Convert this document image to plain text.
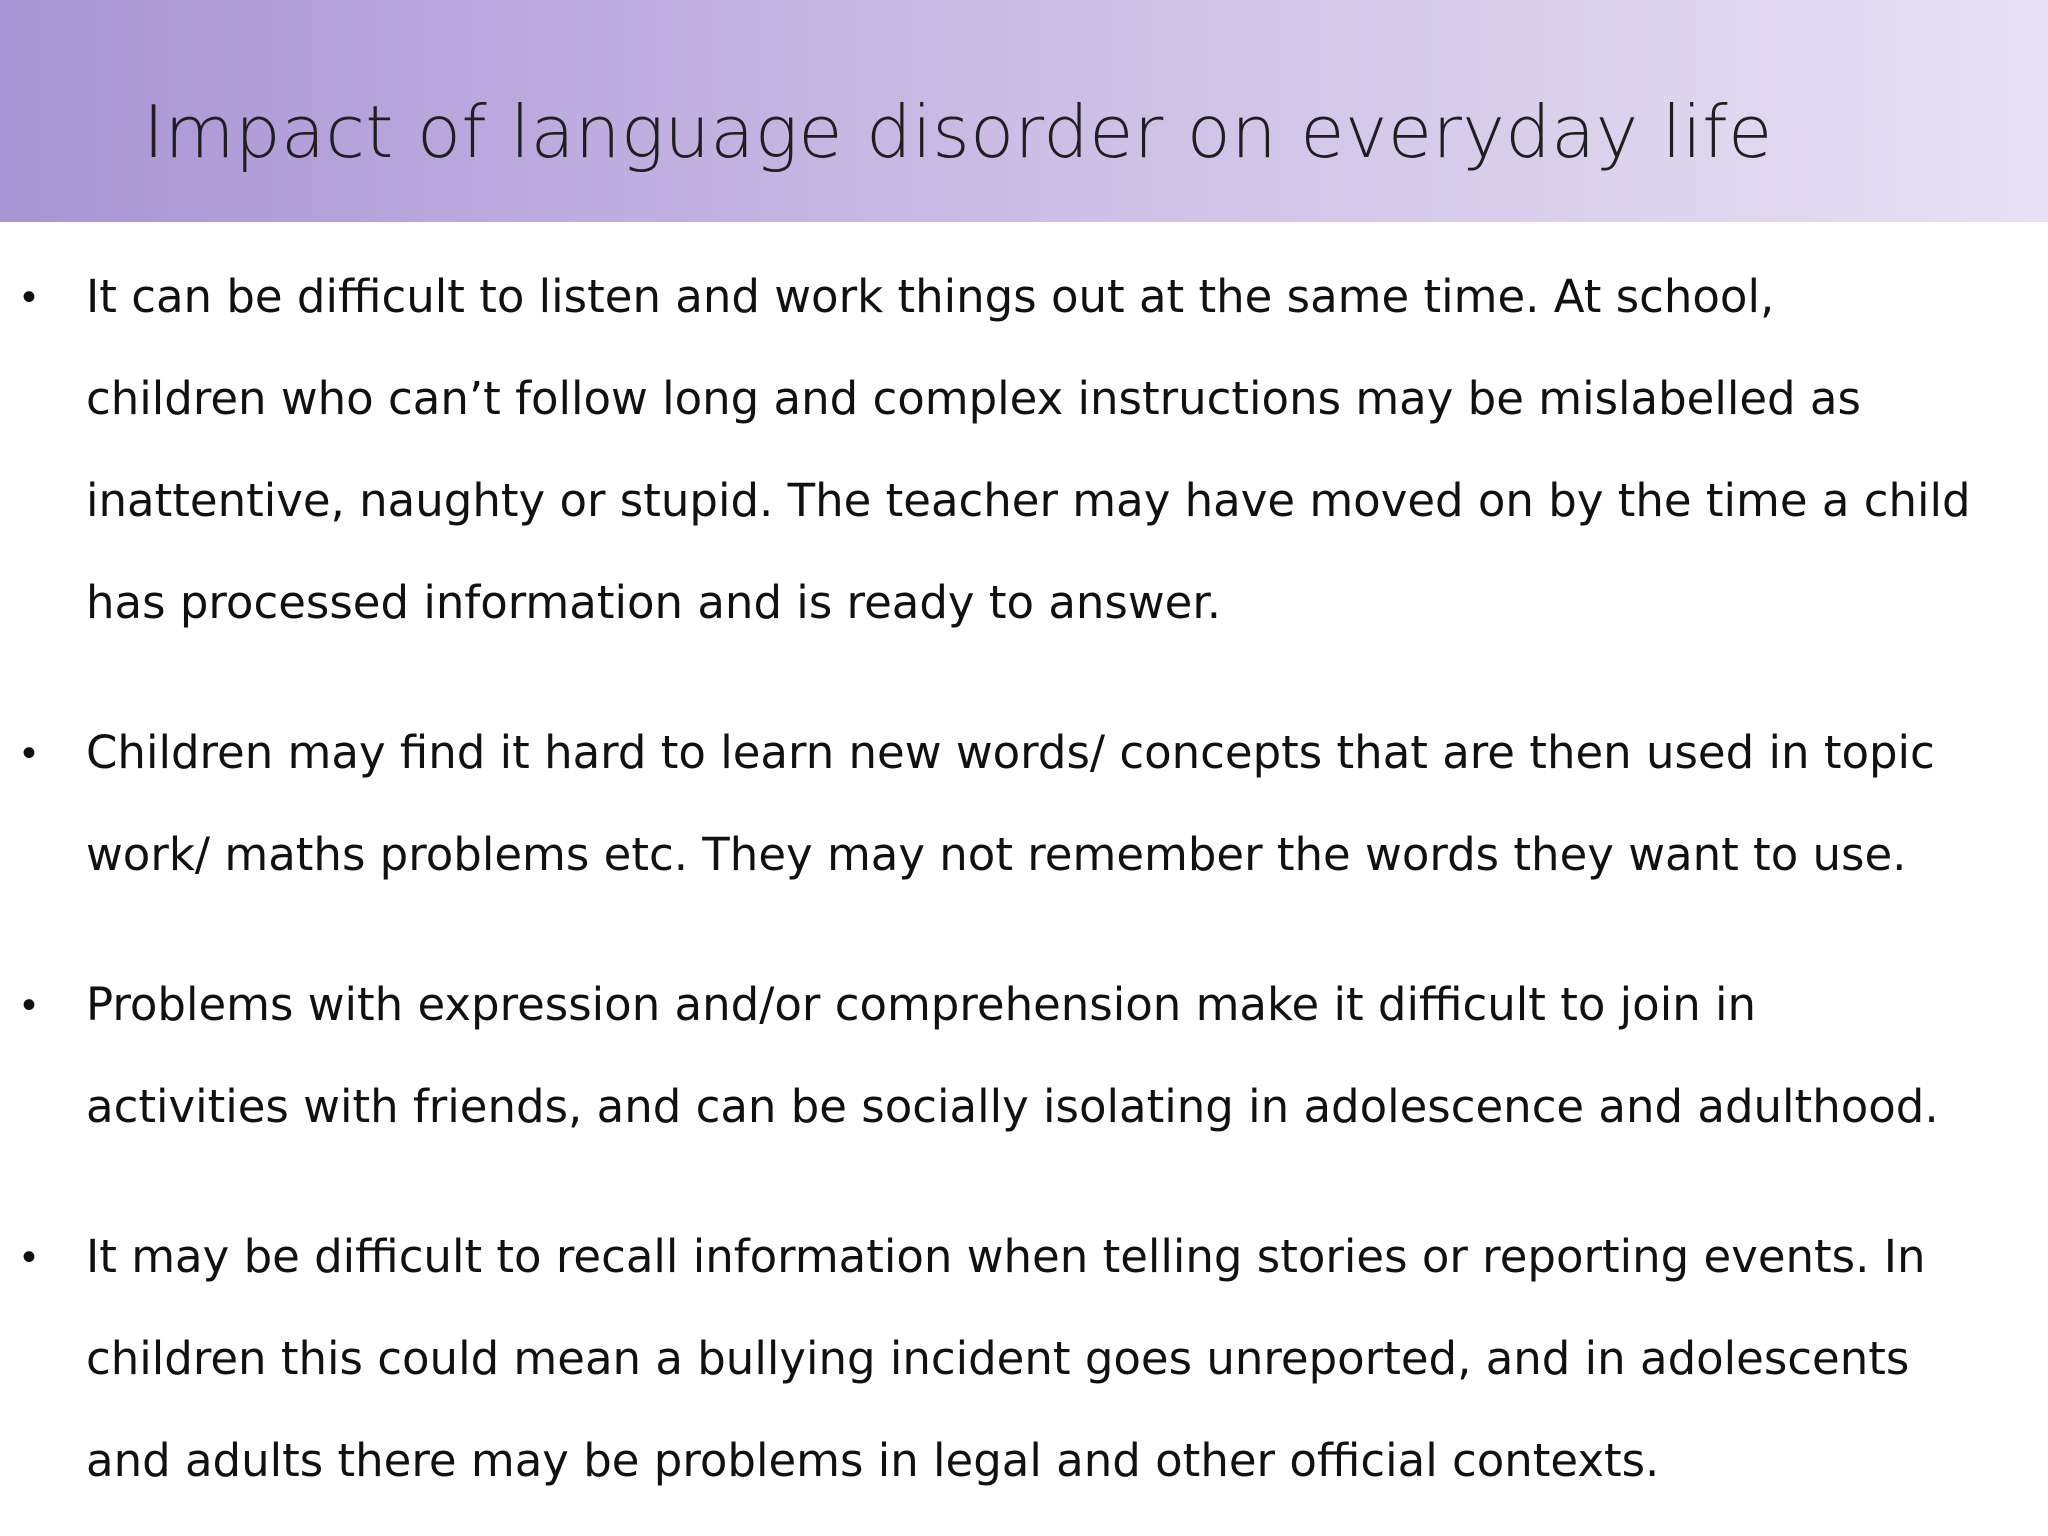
Impact of language disorder on everyday life
• It can be difficult to listen and work things out at the same time. At school,
children who can’t follow long and complex instructions may be mislabelled as
inattentive, naughty or stupid. The teacher may have moved on by the time a child
has processed information and is ready to answer.
• Children may find it hard to learn new words/ concepts that are then used in topic
work/ maths problems etc. They may not remember the words they want to use.
• Problems with expression and/or comprehension make it difficult to join in
activities with friends, and can be socially isolating in adolescence and adulthood.
• It may be difficult to recall information when telling stories or reporting events. In
children this could mean a bullying incident goes unreported, and in adolescents
and adults there may be problems in legal and other official contexts.
